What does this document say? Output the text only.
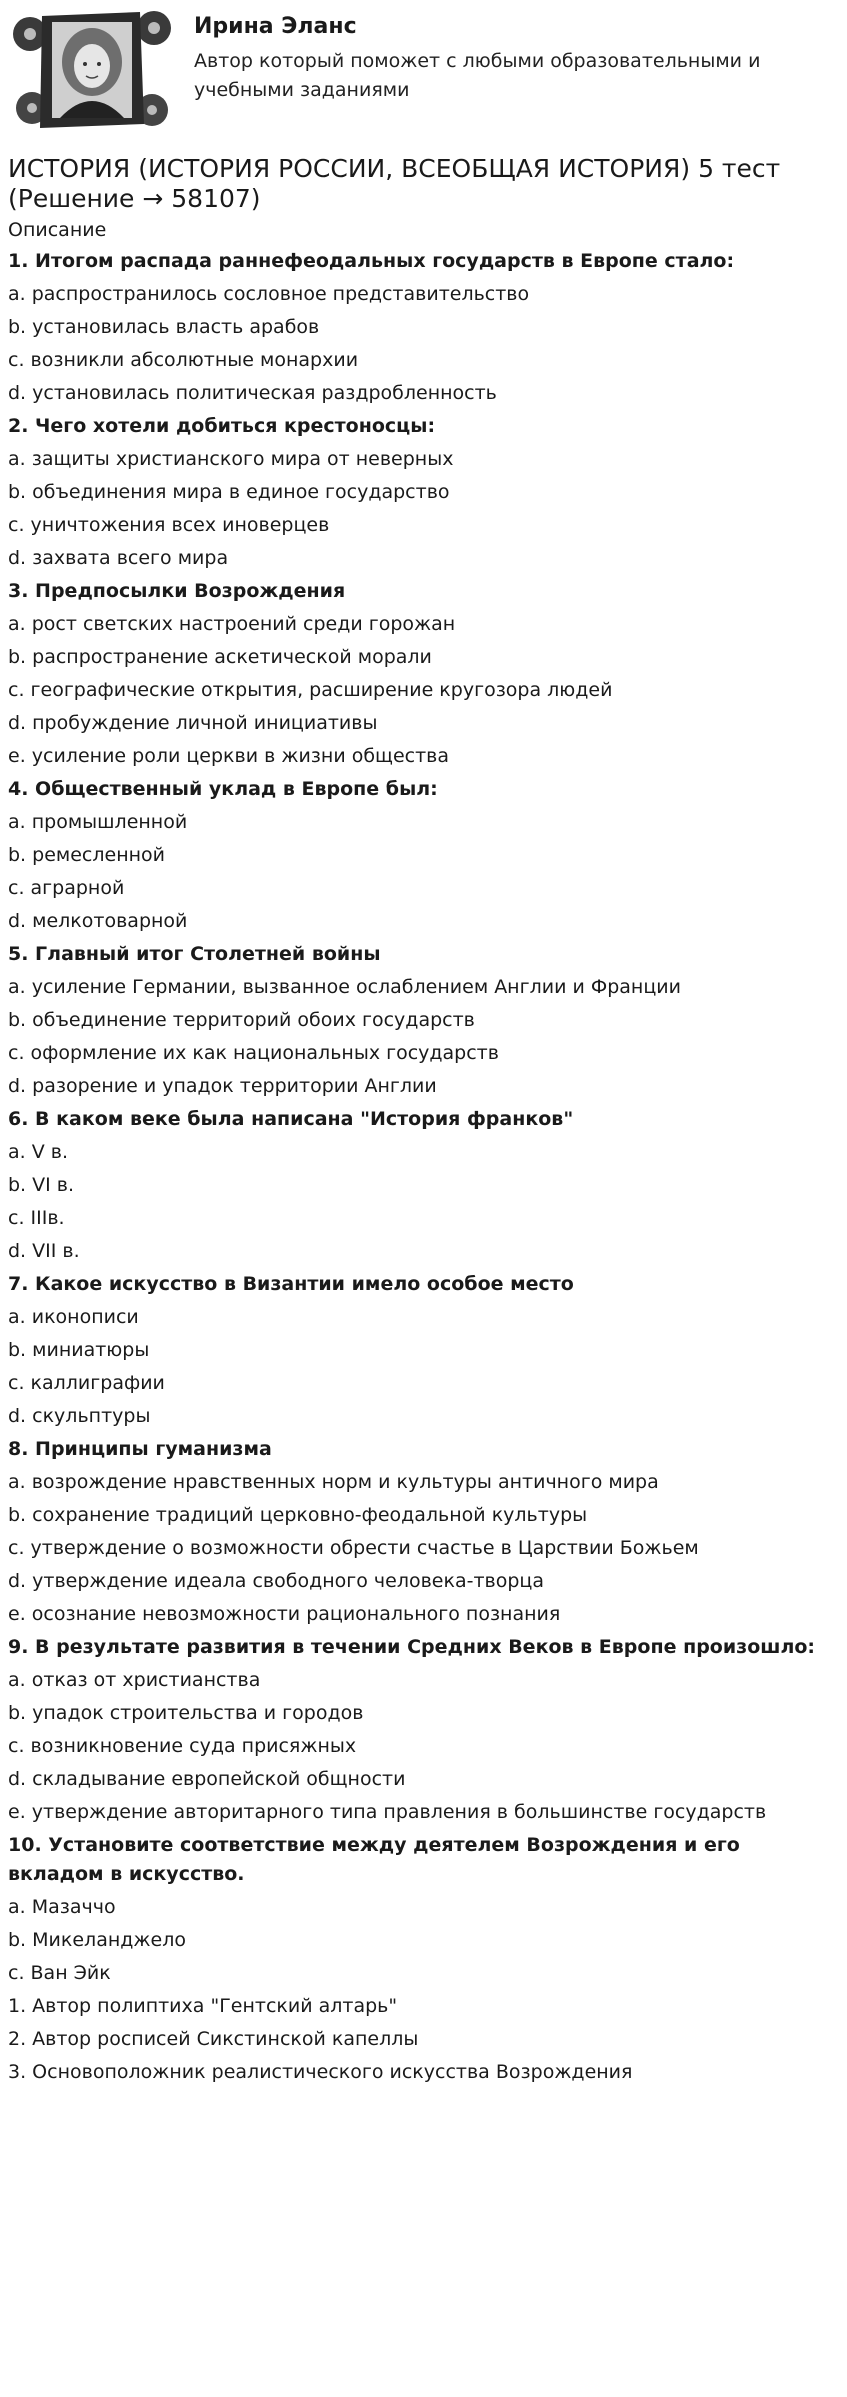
Ирина Эланс
Автор который поможет с любыми образовательными и учебными заданиями
ИСТОРИЯ (ИСТОРИЯ РОССИИ, ВСЕОБЩАЯ ИСТОРИЯ) 5 тест (Решение → 58107)
Описание
1. Итогом распада раннефеодальных государств в Европе стало:
a. распространилось сословное представительство
b. установилась власть арабов
c. возникли абсолютные монархии
d. установилась политическая раздробленность
2. Чего хотели добиться крестоносцы:
a. защиты христианского мира от неверных
b. объединения мира в единое государство
c. уничтожения всех иноверцев
d. захвата всего мира
3. Предпосылки Возрождения
a. рост светских настроений среди горожан
b. распространение аскетической морали
c. географические открытия, расширение кругозора людей
d. пробуждение личной инициативы
e. усиление роли церкви в жизни общества
4. Общественный уклад в Европе был:
a. промышленной
b. ремесленной
c. аграрной
d. мелкотоварной
5. Главный итог Столетней войны
a. усиление Германии, вызванное ослаблением Англии и Франции
b. объединение территорий обоих государств
c. оформление их как национальных государств
d. разорение и упадок территории Англии
6. В каком веке была написана "История франков"
a. V в.
b. VI в.
c. IIIв.
d. VII в.
7. Какое искусство в Византии имело особое место
a. иконописи
b. миниатюры
c. каллиграфии
d. скульптуры
8. Принципы гуманизма
a. возрождение нравственных норм и культуры античного мира
b. сохранение традиций церковно-феодальной культуры
c. утверждение о возможности обрести счастье в Царствии Божьем
d. утверждение идеала свободного человека-творца
e. осознание невозможности рационального познания
9. В результате развития в течении Средних Веков в Европе произошло:
a. отказ от христианства
b. упадок строительства и городов
c. возникновение суда присяжных
d. складывание европейской общности
e. утверждение авторитарного типа правления в большинстве государств
10. Установите соответствие между деятелем Возрождения и его вкладом в искусство.
a. Мазаччо
b. Микеланджело
c. Ван Эйк
1. Автор полиптиха "Гентский алтарь"
2. Автор росписей Сикстинской капеллы
3. Основоположник реалистического искусства Возрождения
